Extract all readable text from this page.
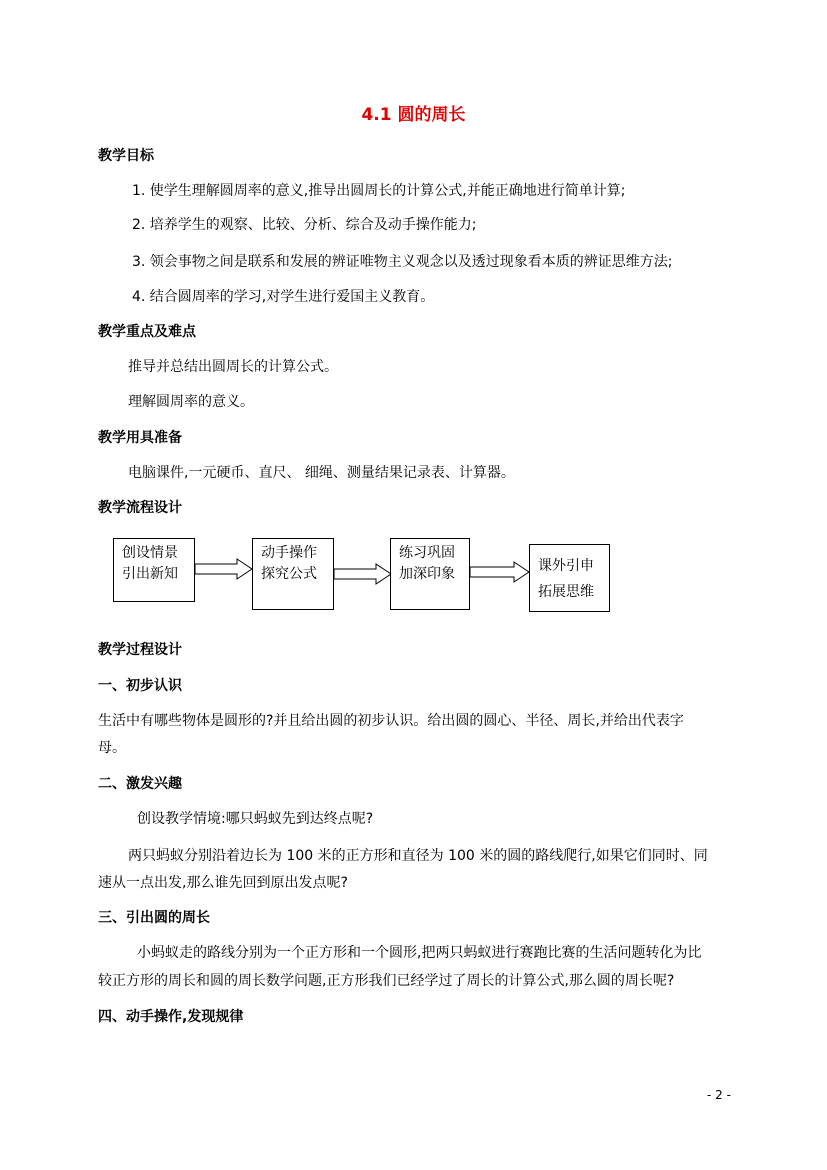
4.1 圆的周长
教学目标
1. 使学生理解圆周率的意义,推导出圆周长的计算公式,并能正确地进行简单计算;
2. 培养学生的观察、比较、分析、综合及动手操作能力;
3. 领会事物之间是联系和发展的辨证唯物主义观念以及透过现象看本质的辨证思维方法;
4. 结合圆周率的学习,对学生进行爱国主义教育。
教学重点及难点
推导并总结出圆周长的计算公式。
理解圆周率的意义。
教学用具准备
电脑课件,一元硬币、直尺、 细绳、测量结果记录表、计算器。
教学流程设计
创设情景
引出新知
动手操作
探究公式
练习巩固
加深印象	课外引申
拓展思维
教学过程设计
一、初步认识
生活中有哪些物体是圆形的?并且给出圆的初步认识。给出圆的圆心、半径、周长,并给出代表字
母。
二、激发兴趣
创设教学情境:哪只蚂蚁先到达终点呢?
两只蚂蚁分别沿着边长为 100 米的正方形和直径为 100 米的圆的路线爬行,如果它们同时、同
速从一点出发,那么谁先回到原出发点呢?
三、引出圆的周长
小蚂蚁走的路线分别为一个正方形和一个圆形,把两只蚂蚁进行赛跑比赛的生活问题转化为比
较正方形的周长和圆的周长数学问题,正方形我们已经学过了周长的计算公式,那么圆的周长呢?
四、动手操作,发现规律
- 2 -
